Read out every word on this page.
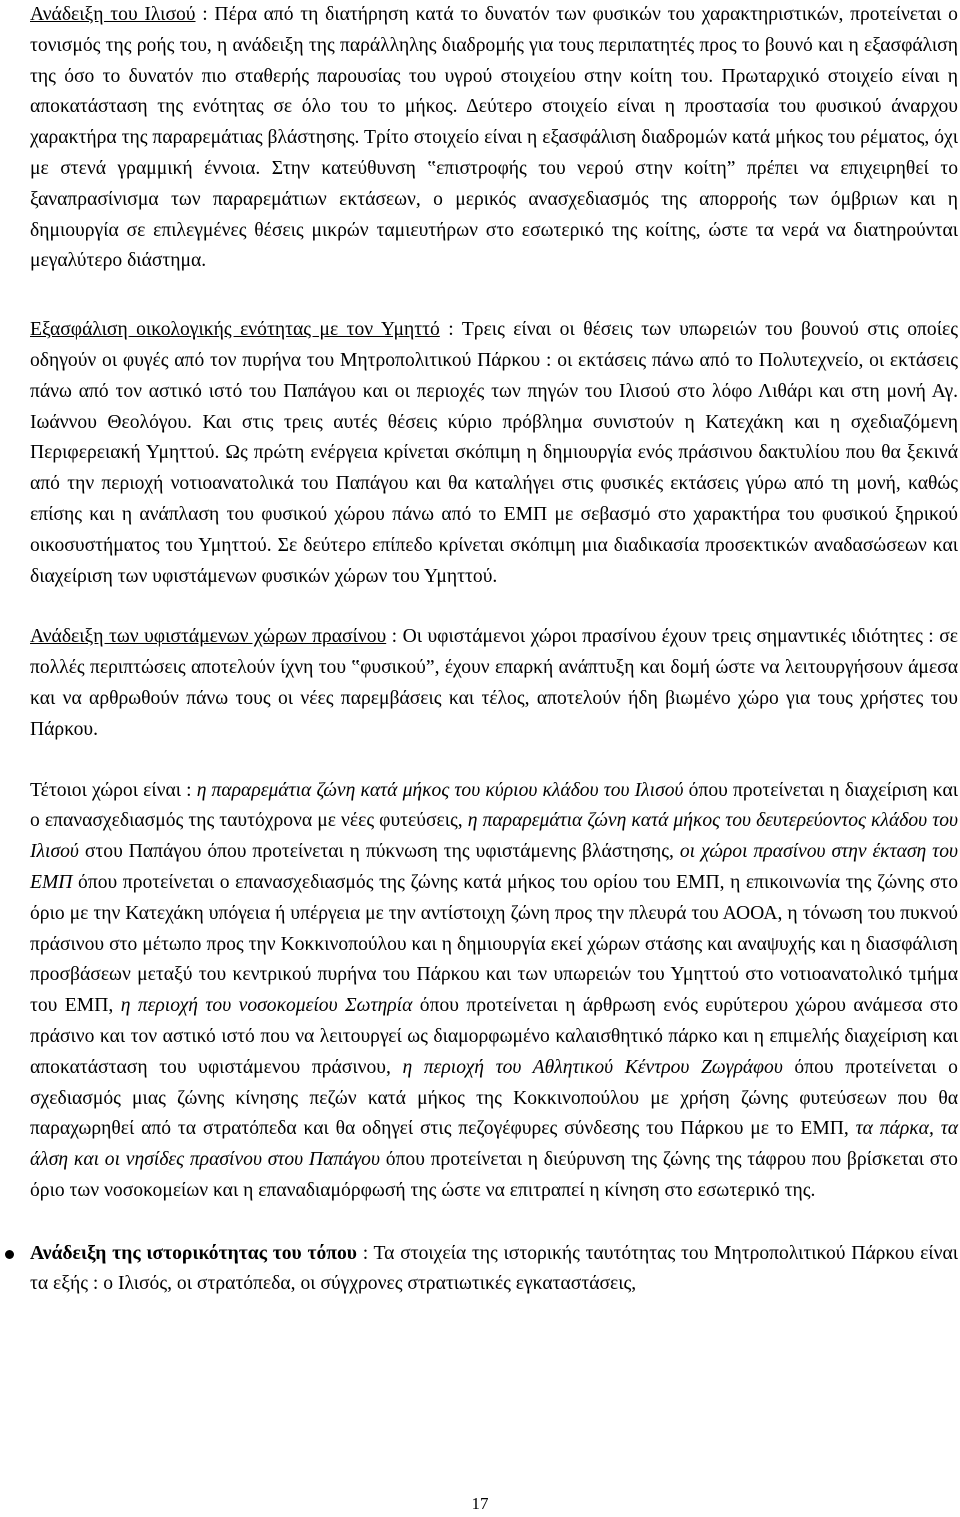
Ανάδειξη του Ιλισού : Πέρα από τη διατήρηση κατά το δυνατόν των φυσικών του χαρακτηριστικών, προτείνεται ο τονισμός της ροής του, η ανάδειξη της παράλληλης διαδρομής για τους περιπατητές προς το βουνό και η εξασφάλιση της όσο το δυνατόν πιο σταθερής παρουσίας του υγρού στοιχείου στην κοίτη του. Πρωταρχικό στοιχείο είναι η αποκατάσταση της ενότητας σε όλο του το μήκος. Δεύτερο στοιχείο είναι η προστασία του φυσικού άναρχου χαρακτήρα της παραρεμάτιας βλάστησης. Τρίτο στοιχείο είναι η εξασφάλιση διαδρομών κατά μήκος του ρέματος, όχι με στενά γραμμική έννοια. Στην κατεύθυνση ‟επιστροφής του νερού στην κοίτη” πρέπει να επιχειρηθεί το ξαναπρασίνισμα των παραρεμάτιων εκτάσεων, ο μερικός ανασχεδιασμός της απορροής των όμβριων και η δημιουργία σε επιλεγμένες θέσεις μικρών ταμιευτήρων στο εσωτερικό της κοίτης, ώστε τα νερά να διατηρούνται μεγαλύτερο διάστημα.

Εξασφάλιση οικολογικής ενότητας με τον Υμηττό : Τρεις είναι οι θέσεις των υπωρειών του βουνού στις οποίες οδηγούν οι φυγές από τον πυρήνα του Μητροπολιτικού Πάρκου : οι εκτάσεις πάνω από το Πολυτεχνείο, οι εκτάσεις πάνω από τον αστικό ιστό του Παπάγου και οι περιοχές των πηγών του Ιλισού στο λόφο Λιθάρι και στη μονή Αγ. Ιωάννου Θεολόγου. Και στις τρεις αυτές θέσεις κύριο πρόβλημα συνιστούν η Κατεχάκη και η σχεδιαζόμενη Περιφερειακή Υμηττού. Ως πρώτη ενέργεια κρίνεται σκόπιμη η δημιουργία ενός πράσινου δακτυλίου που θα ξεκινά από την περιοχή νοτιοανατολικά του Παπάγου και θα καταλήγει στις φυσικές εκτάσεις γύρω από τη μονή, καθώς επίσης και η ανάπλαση του φυσικού χώρου πάνω από το ΕΜΠ με σεβασμό στο χαρακτήρα του φυσικού ξηρικού οικοσυστήματος του Υμηττού. Σε δεύτερο επίπεδο κρίνεται σκόπιμη μια διαδικασία προσεκτικών αναδασώσεων και διαχείριση των υφιστάμενων φυσικών χώρων του Υμηττού.

Ανάδειξη των υφιστάμενων χώρων πρασίνου : Οι υφιστάμενοι χώροι πρασίνου έχουν τρεις σημαντικές ιδιότητες : σε πολλές περιπτώσεις αποτελούν ίχνη του ‟φυσικού”, έχουν επαρκή ανάπτυξη και δομή ώστε να λειτουργήσουν άμεσα και να αρθρωθούν πάνω τους οι νέες παρεμβάσεις και τέλος, αποτελούν ήδη βιωμένο χώρο για τους χρήστες του Πάρκου.

Τέτοιοι χώροι είναι : η παραρεμάτια ζώνη κατά μήκος του κύριου κλάδου του Ιλισού όπου προτείνεται η διαχείριση και ο επανασχεδιασμός της ταυτόχρονα με νέες φυτεύσεις, η παραρεμάτια ζώνη κατά μήκος του δευτερεύοντος κλάδου του Ιλισού στου Παπάγου όπου προτείνεται η πύκνωση της υφιστάμενης βλάστησης, οι χώροι πρασίνου στην έκταση του ΕΜΠ όπου προτείνεται ο επανασχεδιασμός της ζώνης κατά μήκος του ορίου του ΕΜΠ, η επικοινωνία της ζώνης στο όριο με την Κατεχάκη υπόγεια ή υπέργεια με την αντίστοιχη ζώνη προς την πλευρά του ΑΟΟΑ, η τόνωση του πυκνού πράσινου στο μέτωπο προς την Κοκκινοπούλου και η δημιουργία εκεί χώρων στάσης και αναψυχής και η διασφάλιση προσβάσεων μεταξύ του κεντρικού πυρήνα του Πάρκου και των υπωρειών του Υμηττού στο νοτιοανατολικό τμήμα του ΕΜΠ, η περιοχή του νοσοκομείου Σωτηρία όπου προτείνεται η άρθρωση ενός ευρύτερου χώρου ανάμεσα στο πράσινο και τον αστικό ιστό που να λειτουργεί ως διαμορφωμένο καλαισθητικό πάρκο και η επιμελής διαχείριση και αποκατάσταση του υφιστάμενου πράσινου, η περιοχή του Αθλητικού Κέντρου Ζωγράφου όπου προτείνεται ο σχεδιασμός μιας ζώνης κίνησης πεζών κατά μήκος της Κοκκινοπούλου με χρήση ζώνης φυτεύσεων που θα παραχωρηθεί από τα στρατόπεδα και θα οδηγεί στις πεζογέφυρες σύνδεσης του Πάρκου με το ΕΜΠ, τα πάρκα, τα άλση και οι νησίδες πρασίνου στου Παπάγου όπου προτείνεται η διεύρυνση της ζώνης της τάφρου που βρίσκεται στο όριο των νοσοκομείων και η επαναδιαμόρφωσή της ώστε να επιτραπεί η κίνηση στο εσωτερικό της.

Ανάδειξη της ιστορικότητας του τόπου : Τα στοιχεία της ιστορικής ταυτότητας του Μητροπολιτικού Πάρκου είναι τα εξής : ο Ιλισός, οι στρατόπεδα, οι σύγχρονες στρατιωτικές εγκαταστάσεις,

17
